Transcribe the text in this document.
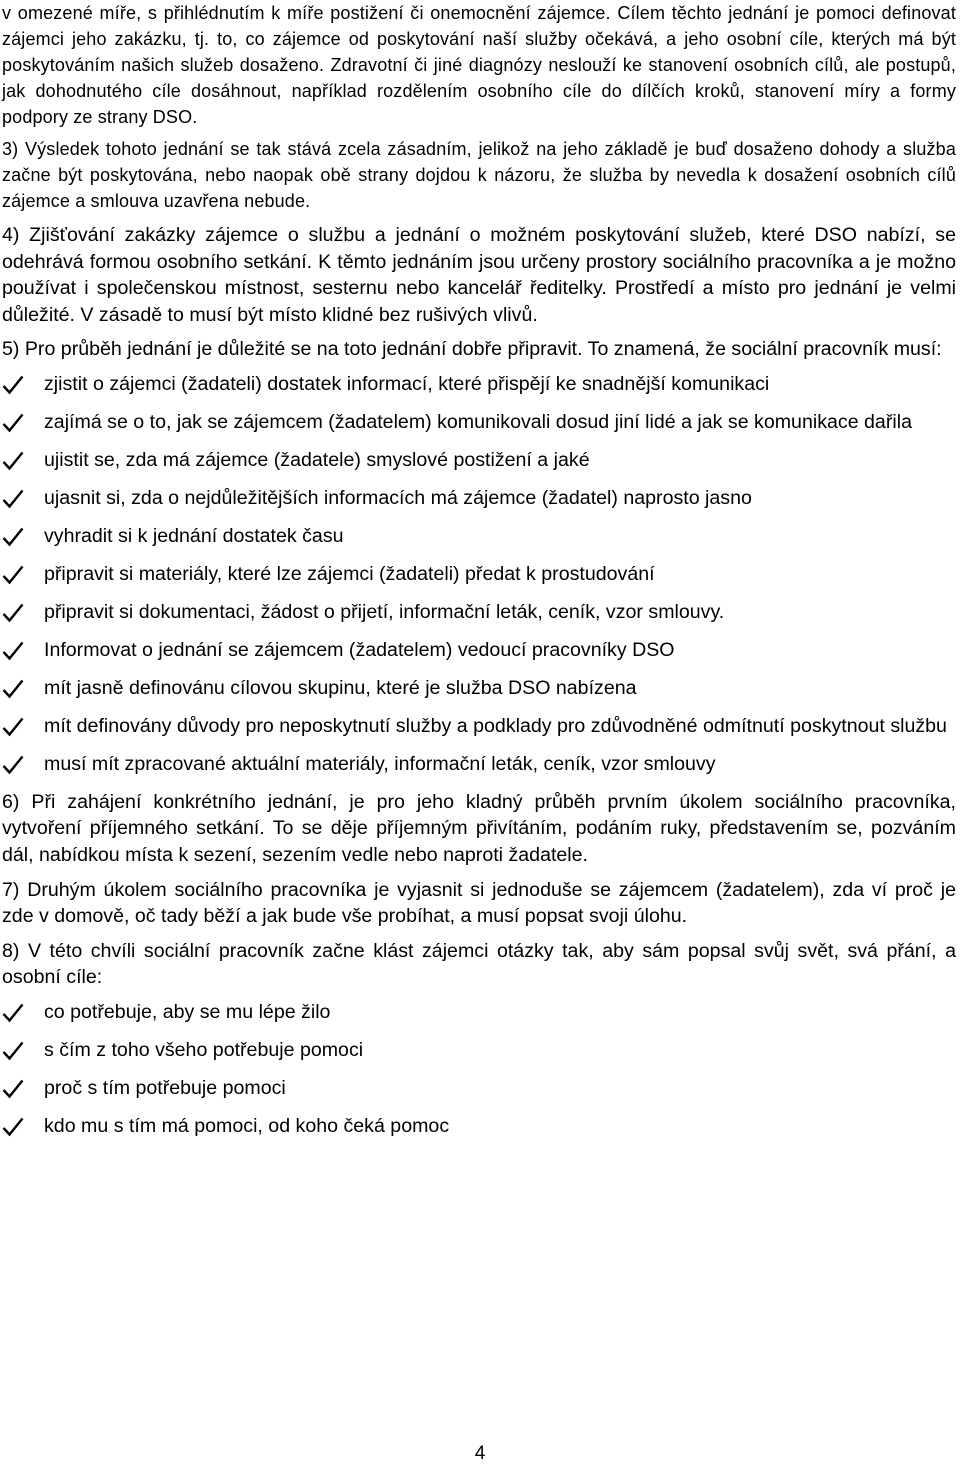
v omezené míře, s přihlédnutím k míře postižení či onemocnění zájemce. Cílem těchto jednání je pomoci definovat zájemci jeho zakázku, tj. to, co zájemce od poskytování naší služby očekává, a jeho osobní cíle, kterých má být poskytováním našich služeb dosaženo. Zdravotní či jiné diagnózy neslouží ke stanovení osobních cílů, ale postupů, jak dohodnutého cíle dosáhnout, například rozdělením osobního cíle do dílčích kroků, stanovení míry a formy podpory ze strany DSO.

3) Výsledek tohoto jednání se tak stává zcela zásadním, jelikož na jeho základě je buď dosaženo dohody a služba začne být poskytována, nebo naopak obě strany dojdou k názoru, že služba by nevedla k dosažení osobních cílů zájemce a smlouva uzavřena nebude.

4) Zjišťování zakázky zájemce o službu a jednání o možném poskytování služeb, které DSO nabízí, se odehrává formou osobního setkání. K těmto jednáním jsou určeny prostory sociálního pracovníka a je možno používat i společenskou místnost, sesternu nebo kancelář ředitelky. Prostředí a místo pro jednání je velmi důležité. V zásadě to musí být místo klidné bez rušivých vlivů.

5) Pro průběh jednání je důležité se na toto jednání dobře připravit. To znamená, že sociální pracovník musí:

zjistit o zájemci (žadateli) dostatek informací, které přispějí ke snadnější komunikaci
zajímá se o to, jak se zájemcem (žadatelem) komunikovali dosud jiní lidé a jak se komunikace dařila
ujistit se, zda má zájemce (žadatele) smyslové postižení a jaké
ujasnit si, zda o nejdůležitějších informacích má zájemce (žadatel) naprosto jasno
vyhradit si k jednání dostatek času
připravit si materiály, které lze zájemci (žadateli) předat k prostudování
připravit si dokumentaci, žádost o přijetí, informační leták, ceník, vzor smlouvy.
Informovat o jednání se zájemcem (žadatelem) vedoucí pracovníky DSO
mít jasně definovánu cílovou skupinu, které je služba DSO nabízena
mít definovány důvody pro neposkytnutí služby a podklady pro zdůvodněné odmítnutí poskytnout službu
musí mít zpracované aktuální materiály, informační leták, ceník, vzor smlouvy

6) Při zahájení konkrétního jednání, je pro jeho kladný průběh prvním úkolem sociálního pracovníka, vytvoření příjemného setkání. To se děje příjemným přivítáním, podáním ruky, představením se, pozváním dál, nabídkou místa k sezení, sezením vedle nebo naproti žadatele.

7) Druhým úkolem sociálního pracovníka je vyjasnit si jednoduše se zájemcem (žadatelem), zda ví proč je zde v domově, oč tady běží a jak bude vše probíhat, a musí popsat svoji úlohu.

8) V této chvíli sociální pracovník začne klást zájemci otázky tak, aby sám popsal svůj svět, svá přání, a osobní cíle:

co potřebuje, aby se mu lépe žilo
s čím z toho všeho potřebuje pomoci
proč s tím potřebuje pomoci
kdo mu s tím má pomoci, od koho čeká pomoc
4
